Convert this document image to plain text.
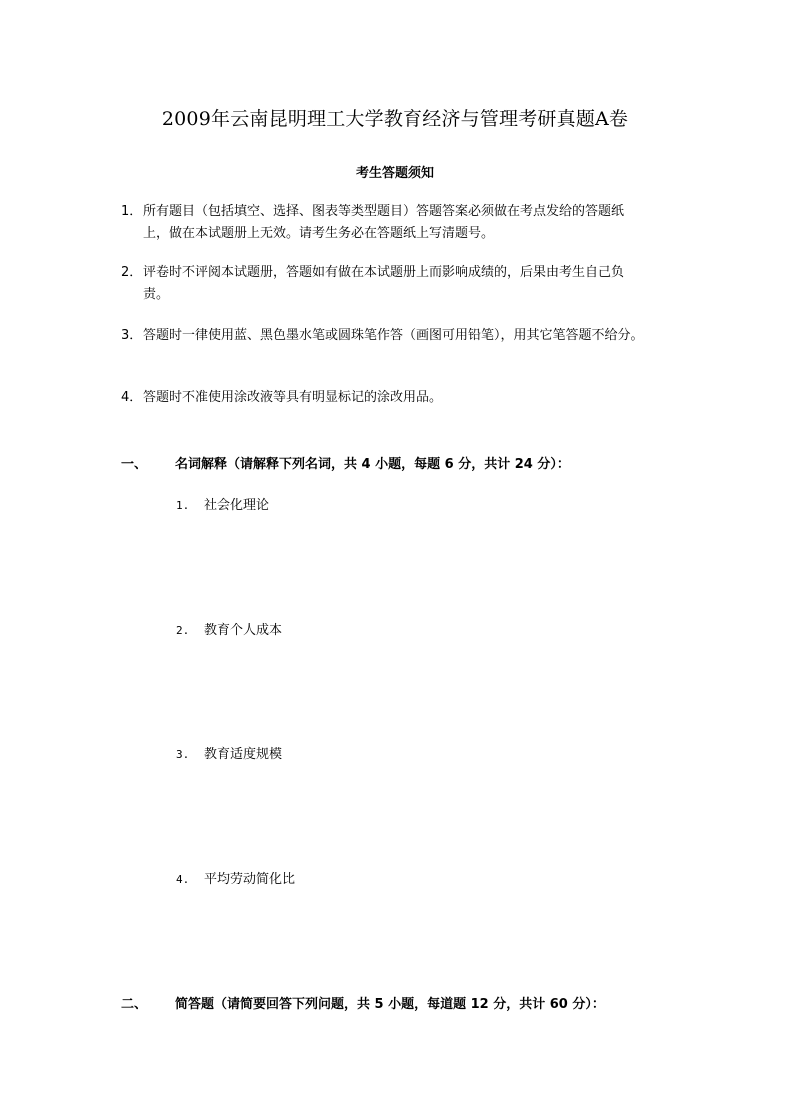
2009年云南昆明理工大学教育经济与管理考研真题A卷
考生答题须知
1．所有题目（包括填空、选择、图表等类型题目）答题答案必须做在考点发给的答题纸
上，做在本试题册上无效。请考生务必在答题纸上写清题号。
2．评卷时不评阅本试题册，答题如有做在本试题册上而影响成绩的，后果由考生自己负
责。
3．答题时一律使用蓝、黑色墨水笔或圆珠笔作答（画图可用铅笔），用其它笔答题不给分。
4．答题时不准使用涂改液等具有明显标记的涂改用品。
一、 名词解释（请解释下列名词，共 4 小题，每题 6 分，共计 24 分）：
1. 社会化理论
2. 教育个人成本
3. 教育适度规模
4. 平均劳动简化比
二、 简答题（请简要回答下列问题，共 5 小题，每道题 12 分，共计 60 分）：
